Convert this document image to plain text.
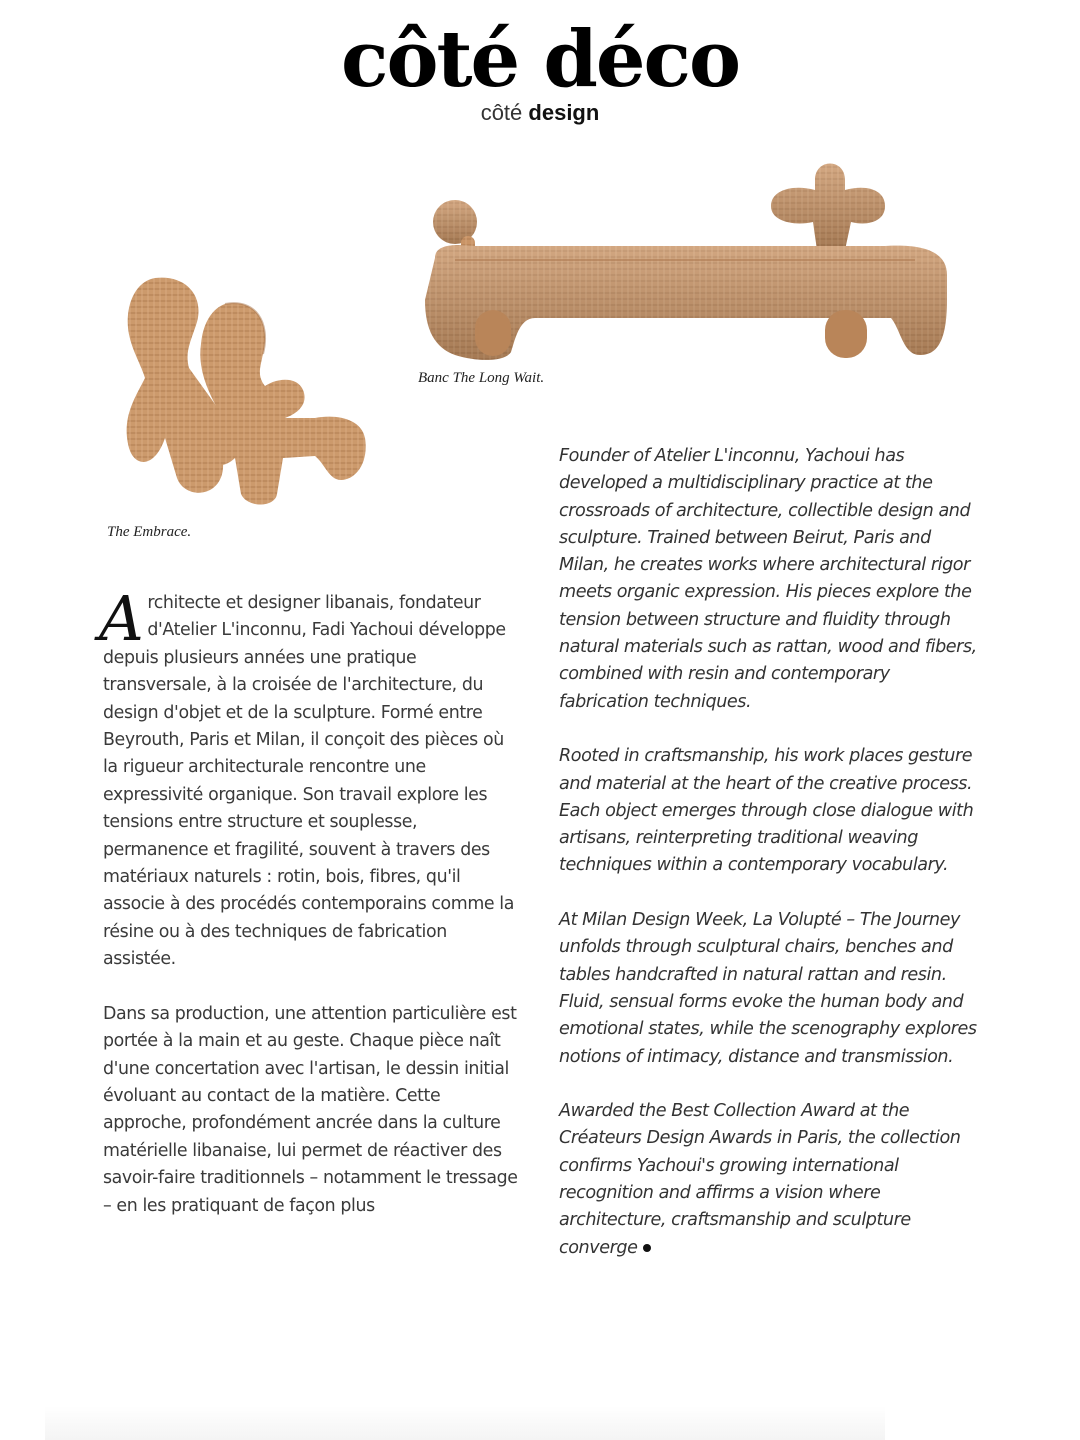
côté déco
côté design
Banc The Long Wait.
The Embrace.

Architecte et designer libanais, fondateur d'Atelier L'inconnu, Fadi Yachoui développe depuis plusieurs années une pratique transversale, à la croisée de l'architecture, du design d'objet et de la sculpture. Formé entre Beyrouth, Paris et Milan, il conçoit des pièces où la rigueur architecturale rencontre une expressivité organique. Son travail explore les tensions entre structure et souplesse, permanence et fragilité, souvent à travers des matériaux naturels : rotin, bois, fibres, qu'il associe à des procédés contemporains comme la résine ou à des techniques de fabrication assistée.

Dans sa production, une attention particulière est portée à la main et au geste. Chaque pièce naît d'une concertation avec l'artisan, le dessin initial évoluant au contact de la matière. Cette approche, profondément ancrée dans la culture matérielle libanaise, lui permet de réactiver des savoir-faire traditionnels – notamment le tressage – en les pratiquant de façon plus

Founder of Atelier L'inconnu, Yachoui has developed a multidisciplinary practice at the crossroads of architecture, collectible design and sculpture. Trained between Beirut, Paris and Milan, he creates works where architectural rigor meets organic expression. His pieces explore the tension between structure and fluidity through natural materials such as rattan, wood and fibers, combined with resin and contemporary fabrication techniques.

Rooted in craftsmanship, his work places gesture and material at the heart of the creative process. Each object emerges through close dialogue with artisans, reinterpreting traditional weaving techniques within a contemporary vocabulary.

At Milan Design Week, La Volupté – The Journey unfolds through sculptural chairs, benches and tables handcrafted in natural rattan and resin. Fluid, sensual forms evoke the human body and emotional states, while the scenography explores notions of intimacy, distance and transmission.

Awarded the Best Collection Award at the Créateurs Design Awards in Paris, the collection confirms Yachoui's growing international recognition and affirms a vision where architecture, craftsmanship and sculpture converge
